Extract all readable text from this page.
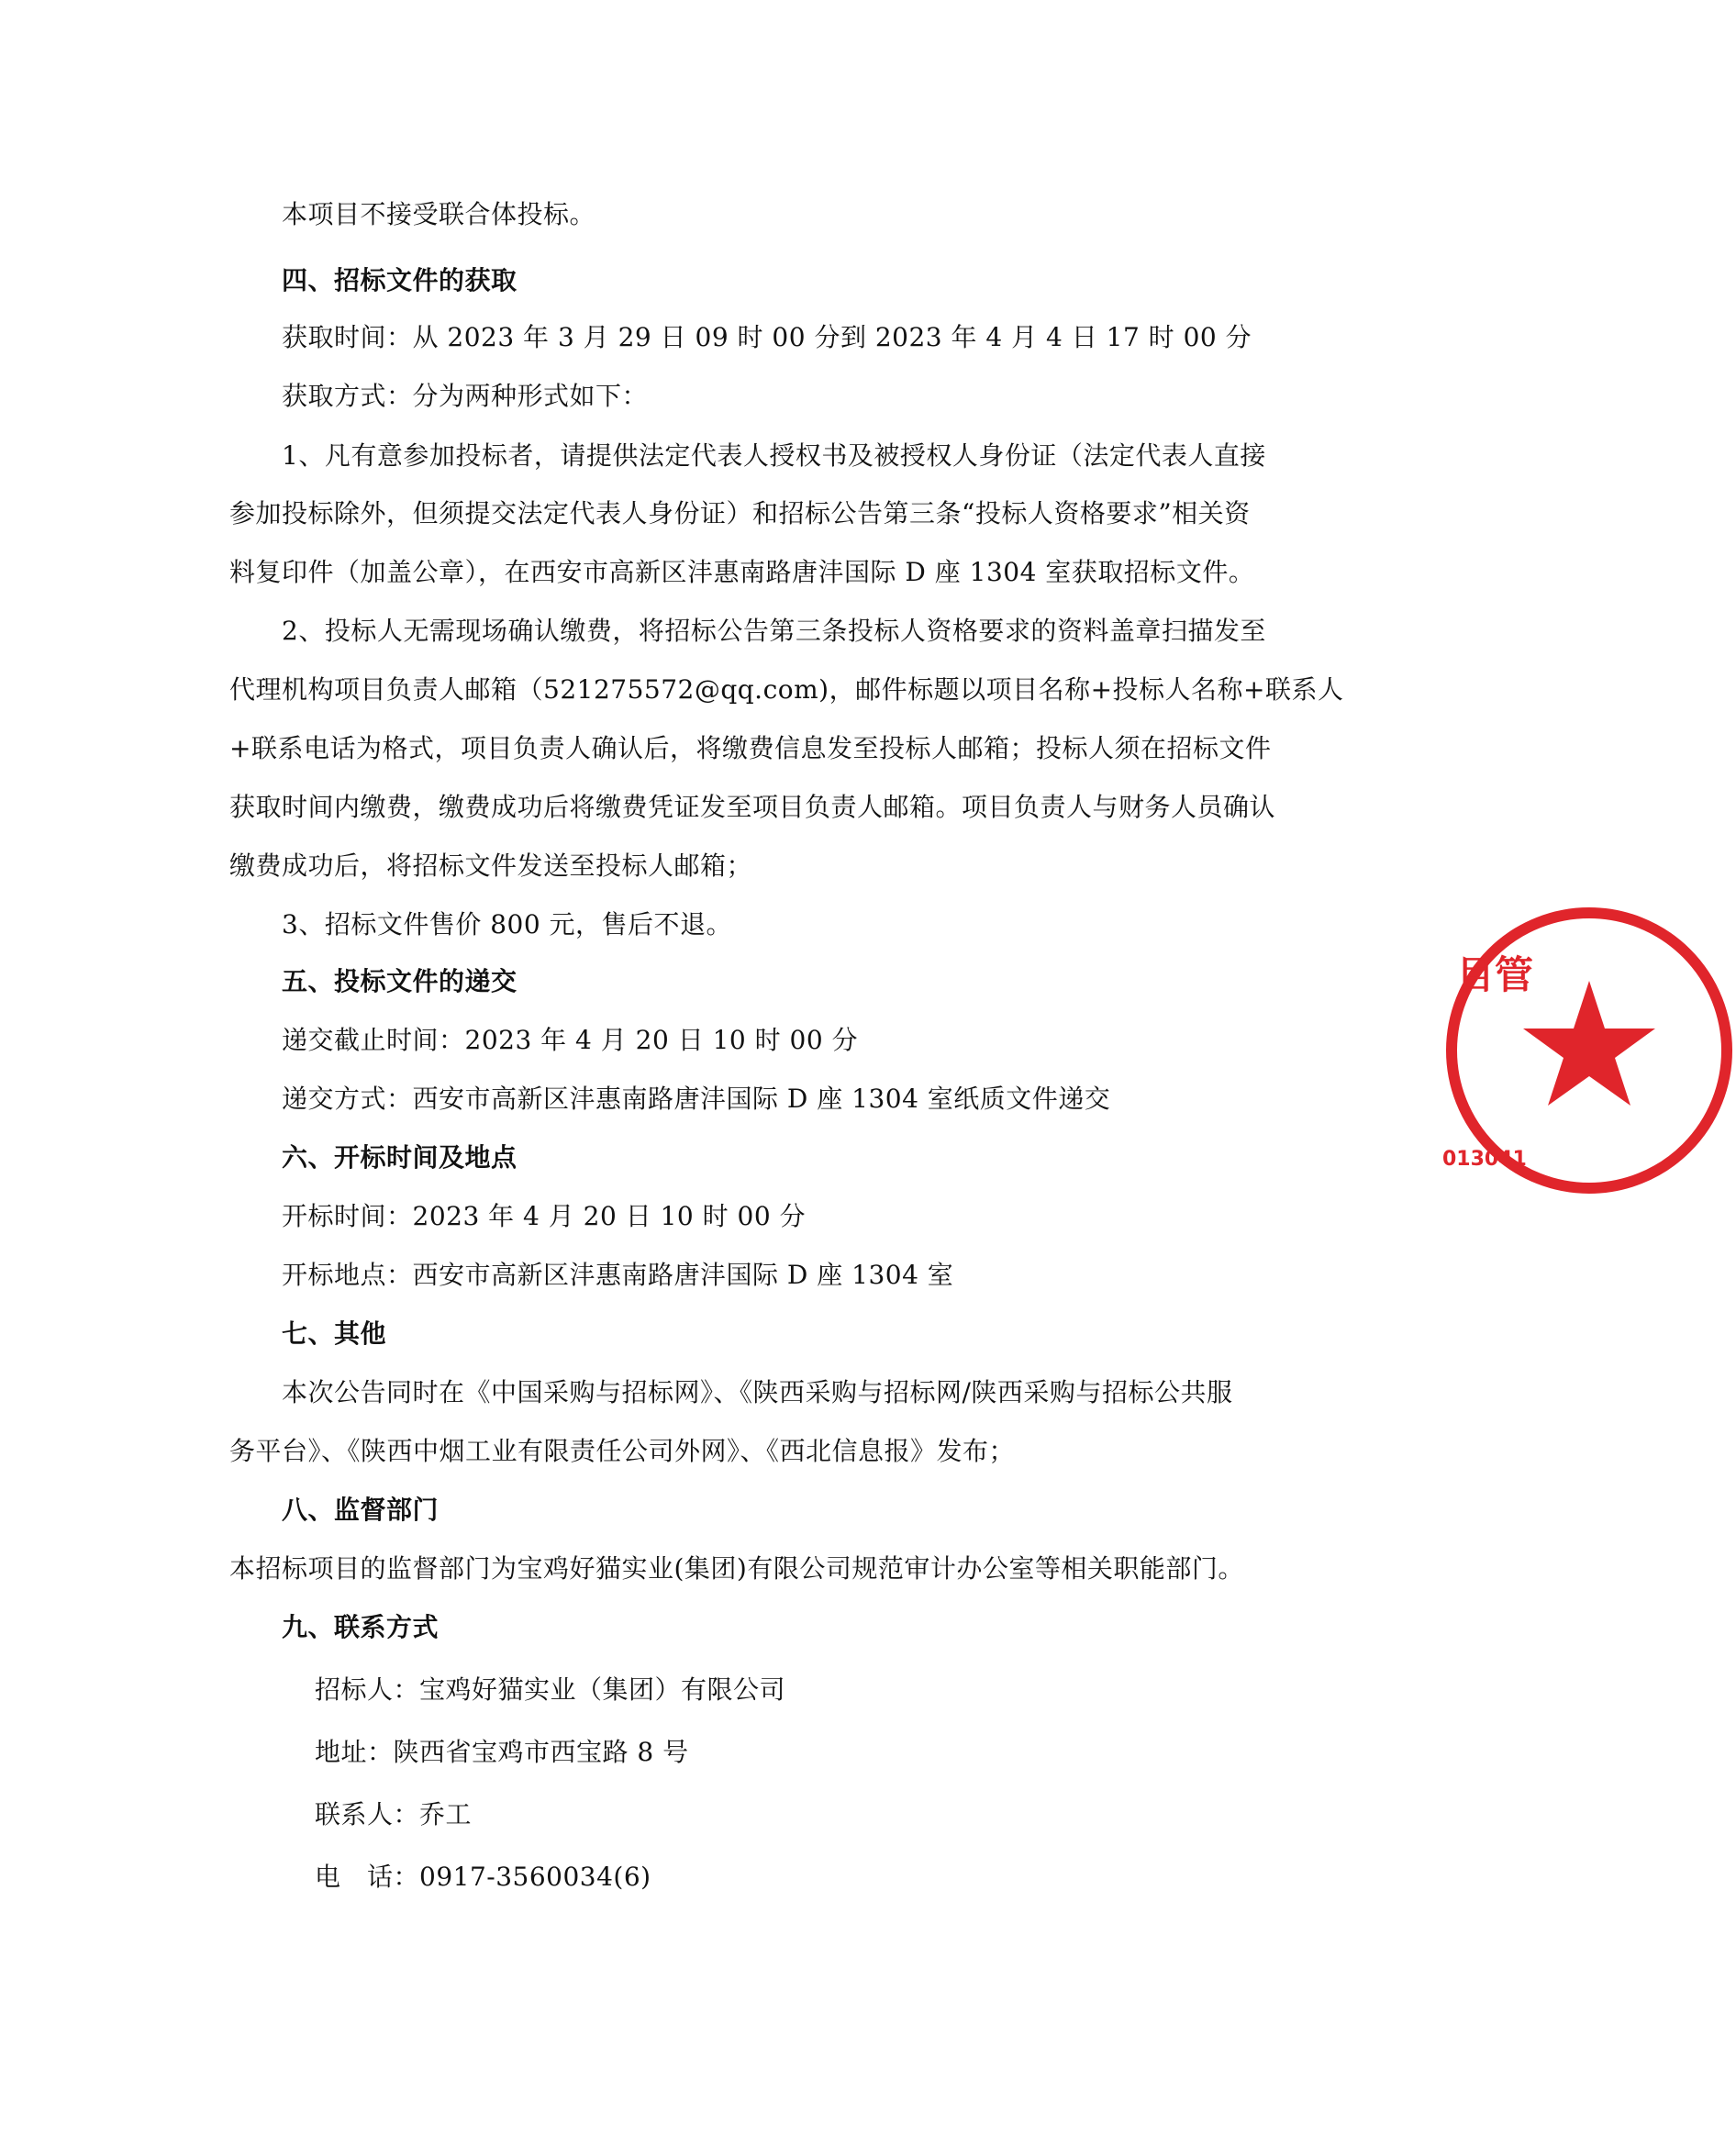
本项目不接受联合体投标。
四、招标文件的获取
获取时间：从 2023 年 3 月 29 日 09 时 00 分到 2023 年 4 月 4 日 17 时 00 分
获取方式：分为两种形式如下：
1、凡有意参加投标者，请提供法定代表人授权书及被授权人身份证（法定代表人直接
参加投标除外，但须提交法定代表人身份证）和招标公告第三条“投标人资格要求”相关资
料复印件（加盖公章），在西安市高新区沣惠南路唐沣国际 D 座 1304 室获取招标文件。
2、投标人无需现场确认缴费，将招标公告第三条投标人资格要求的资料盖章扫描发至
代理机构项目负责人邮箱（521275572@qq.com)，邮件标题以项目名称+投标人名称+联系人
+联系电话为格式，项目负责人确认后，将缴费信息发至投标人邮箱；投标人须在招标文件
获取时间内缴费，缴费成功后将缴费凭证发至项目负责人邮箱。项目负责人与财务人员确认
缴费成功后，将招标文件发送至投标人邮箱；
3、招标文件售价 800 元，售后不退。
五、投标文件的递交
递交截止时间：2023 年 4 月 20 日 10 时 00 分
递交方式：西安市高新区沣惠南路唐沣国际 D 座 1304 室纸质文件递交
六、开标时间及地点
开标时间：2023 年 4 月 20 日 10 时 00 分
开标地点：西安市高新区沣惠南路唐沣国际 D 座 1304 室
七、其他
本次公告同时在《中国采购与招标网》、《陕西采购与招标网/陕西采购与招标公共服
务平台》、《陕西中烟工业有限责任公司外网》、《西北信息报》发布；
八、监督部门
本招标项目的监督部门为宝鸡好猫实业(集团)有限公司规范审计办公室等相关职能部门。
九、联系方式
招标人：宝鸡好猫实业（集团）有限公司
地址：陕西省宝鸡市西宝路 8 号
联系人：乔工
电　话：0917-3560034(6)
目管
013041
